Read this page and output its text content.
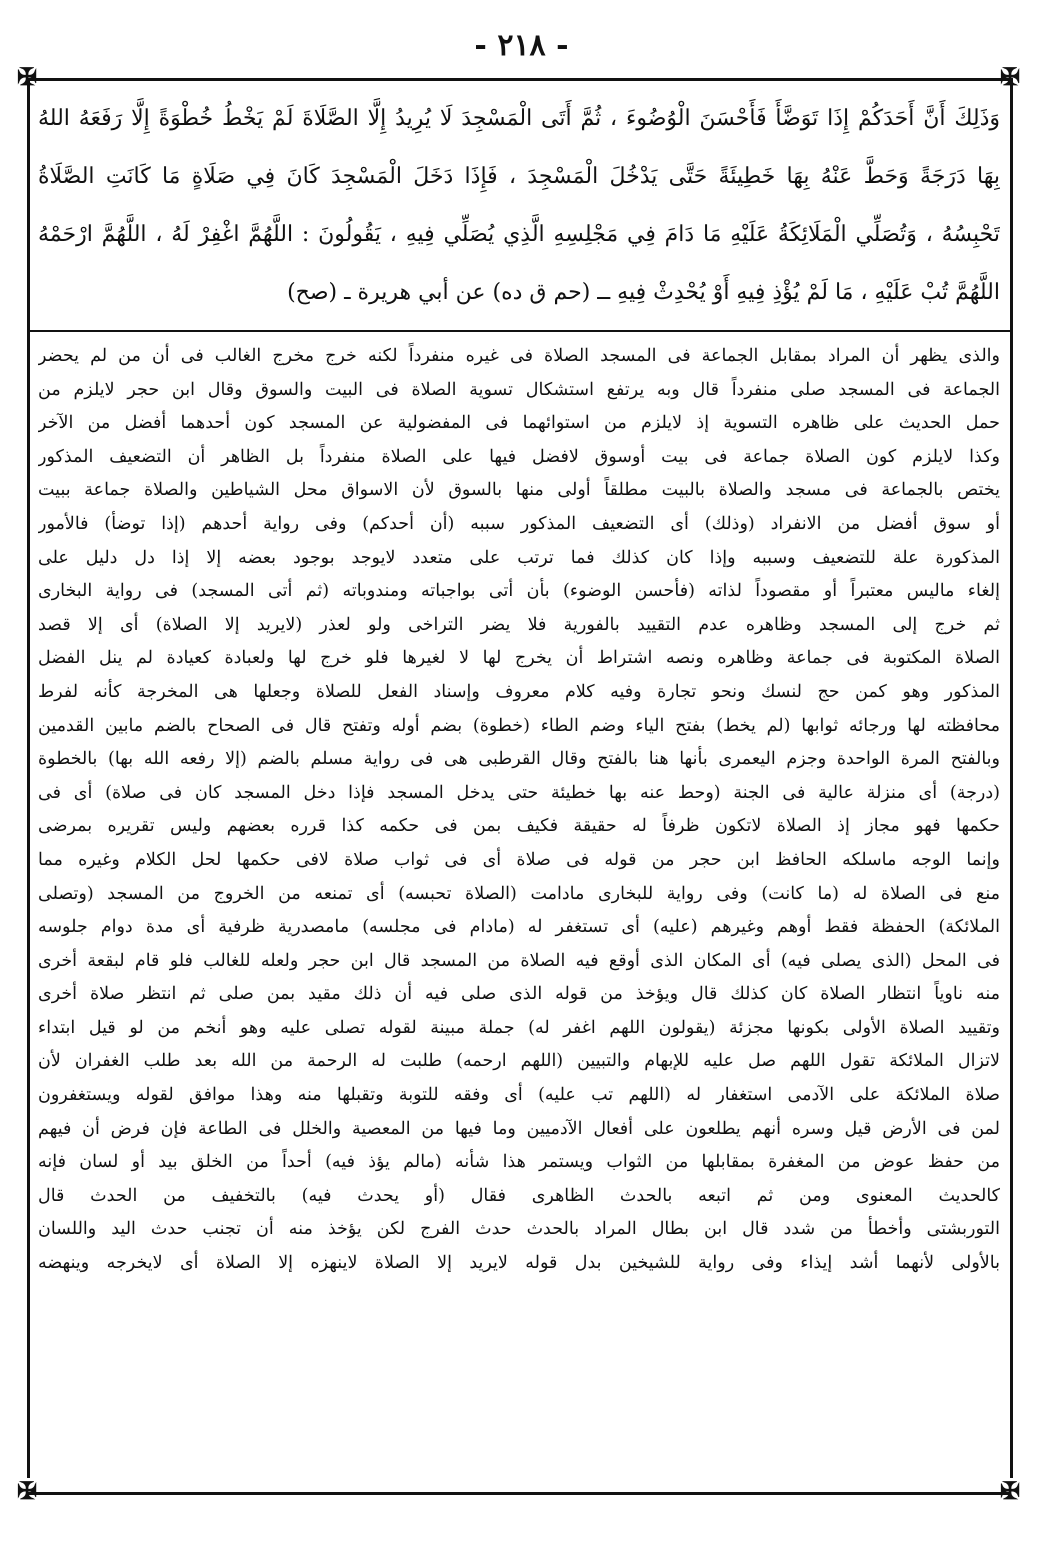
- ٢١٨ -
✠	✠
✠	✠
وَذَلِكَ أَنَّ أَحَدَكُمْ إِذَا تَوَضَّأَ فَأَحْسَنَ الْوُضُوءَ ، ثُمَّ أَتَى الْمَسْجِدَ لَا يُرِيدُ إِلَّا الصَّلَاةَ لَمْ يَخْطُ خُطْوَةً إِلَّا رَفَعَهُ اللهُ
بِهَا دَرَجَةً وَحَطَّ عَنْهُ بِهَا خَطِيئَةً حَتَّى يَدْخُلَ الْمَسْجِدَ ، فَإِذَا دَخَلَ الْمَسْجِدَ كَانَ فِي صَلَاةٍ مَا كَانَتِ الصَّلَاةُ
تَحْبِسُهُ ، وَتُصَلِّي الْمَلَائِكَةُ عَلَيْهِ مَا دَامَ فِي مَجْلِسِهِ الَّذِي يُصَلِّي فِيهِ ، يَقُولُونَ : اللَّهُمَّ اغْفِرْ لَهُ ، اللَّهُمَّ ارْحَمْهُ
اللَّهُمَّ تُبْ عَلَيْهِ ، مَا لَمْ يُؤْذِ فِيهِ أَوْ يُحْدِثْ فِيهِ ــ (حم ق ده) عن أبي هريرة ـ (صح)
والذى يظهر أن المراد بمقابل الجماعة فى المسجد الصلاة فى غيره منفرداً لكنه خرج مخرج الغالب فى أن من لم يحضر
الجماعة فى المسجد صلى منفرداً قال وبه يرتفع استشكال تسوية الصلاة فى البيت والسوق وقال ابن حجر لايلزم من
حمل الحديث على ظاهره التسوية إذ لايلزم من استوائهما فى المفضولية عن المسجد كون أحدهما أفضل من الآخر
وكذا لايلزم كون الصلاة جماعة فى بيت أوسوق لافضل فيها على الصلاة منفرداً بل الظاهر أن التضعيف المذكور
يختص بالجماعة فى مسجد والصلاة بالبيت مطلقاً أولى منها بالسوق لأن الاسواق محل الشياطين والصلاة جماعة ببيت
أو سوق أفضل من الانفراد (وذلك) أى التضعيف المذكور سببه (أن أحدكم) وفى رواية أحدهم (إذا توضأ) فالأمور
المذكورة علة للتضعيف وسببه وإذا كان كذلك فما ترتب على متعدد لايوجد بوجود بعضه إلا إذا دل دليل على
إلغاء ماليس معتبراً أو مقصوداً لذاته (فأحسن الوضوء) بأن أتى بواجباته ومندوباته (ثم أتى المسجد) فى رواية البخارى
ثم خرج إلى المسجد وظاهره عدم التقييد بالفورية فلا يضر التراخى ولو لعذر (لايريد إلا الصلاة) أى إلا قصد
الصلاة المكتوبة فى جماعة وظاهره ونصه اشتراط أن يخرج لها لا لغيرها فلو خرج لها ولعبادة كعيادة لم ينل الفضل
المذكور وهو كمن حج لنسك ونحو تجارة وفيه كلام معروف وإسناد الفعل للصلاة وجعلها هى المخرجة كأنه لفرط
محافظته لها ورجائه ثوابها (لم يخط) بفتح الياء وضم الطاء (خطوة) بضم أوله وتفتح قال فى الصحاح بالضم مابين القدمين
وبالفتح المرة الواحدة وجزم اليعمرى بأنها هنا بالفتح وقال القرطبى هى فى رواية مسلم بالضم (إلا رفعه الله بها) بالخطوة
(درجة) أى منزلة عالية فى الجنة (وحط عنه بها خطيئة حتى يدخل المسجد فإذا دخل المسجد كان فى صلاة) أى فى
حكمها فهو مجاز إذ الصلاة لاتكون ظرفاً له حقيقة فكيف بمن فى حكمه كذا قرره بعضهم وليس تقريره بمرضى
وإنما الوجه ماسلكه الحافظ ابن حجر من قوله فى صلاة أى فى ثواب صلاة لافى حكمها لحل الكلام وغيره مما
منع فى الصلاة له (ما كانت) وفى رواية للبخارى مادامت (الصلاة تحبسه) أى تمنعه من الخروج من المسجد (وتصلى
الملائكة) الحفظة فقط أوهم وغيرهم (عليه) أى تستغفر له (مادام فى مجلسه) مامصدرية ظرفية أى مدة دوام جلوسه
فى المحل (الذى يصلى فيه) أى المكان الذى أوقع فيه الصلاة من المسجد قال ابن حجر ولعله للغالب فلو قام لبقعة أخرى
منه ناوياً انتظار الصلاة كان كذلك قال ويؤخذ من قوله الذى صلى فيه أن ذلك مقيد بمن صلى ثم انتظر صلاة أخرى
وتقييد الصلاة الأولى بكونها مجزئة (يقولون اللهم اغفر له) جملة مبينة لقوله تصلى عليه وهو أنخم من لو قيل ابتداء
لاتزال الملائكة تقول اللهم صل عليه للإبهام والتبيين (اللهم ارحمه) طلبت له الرحمة من الله بعد طلب الغفران لأن
صلاة الملائكة على الآدمى استغفار له (اللهم تب عليه) أى وفقه للتوبة وتقبلها منه وهذا موافق لقوله ويستغفرون
لمن فى الأرض قيل وسره أنهم يطلعون على أفعال الآدميين وما فيها من المعصية والخلل فى الطاعة فإن فرض أن فيهم
من حفظ عوض من المغفرة بمقابلها من الثواب ويستمر هذا شأنه (مالم يؤذ فيه) أحداً من الخلق بيد أو لسان فإنه
كالحديث المعنوى ومن ثم اتبعه بالحدث الظاهرى فقال (أو يحدث فيه) بالتخفيف من الحدث قال
التوربشتى وأخطأ من شدد قال ابن بطال المراد بالحدث حدث الفرج لكن يؤخذ منه أن تجنب حدث اليد واللسان
بالأولى لأنهما أشد إيذاء وفى رواية للشيخين بدل قوله لايريد إلا الصلاة لاينهزه إلا الصلاة أى لايخرجه وينهضه
